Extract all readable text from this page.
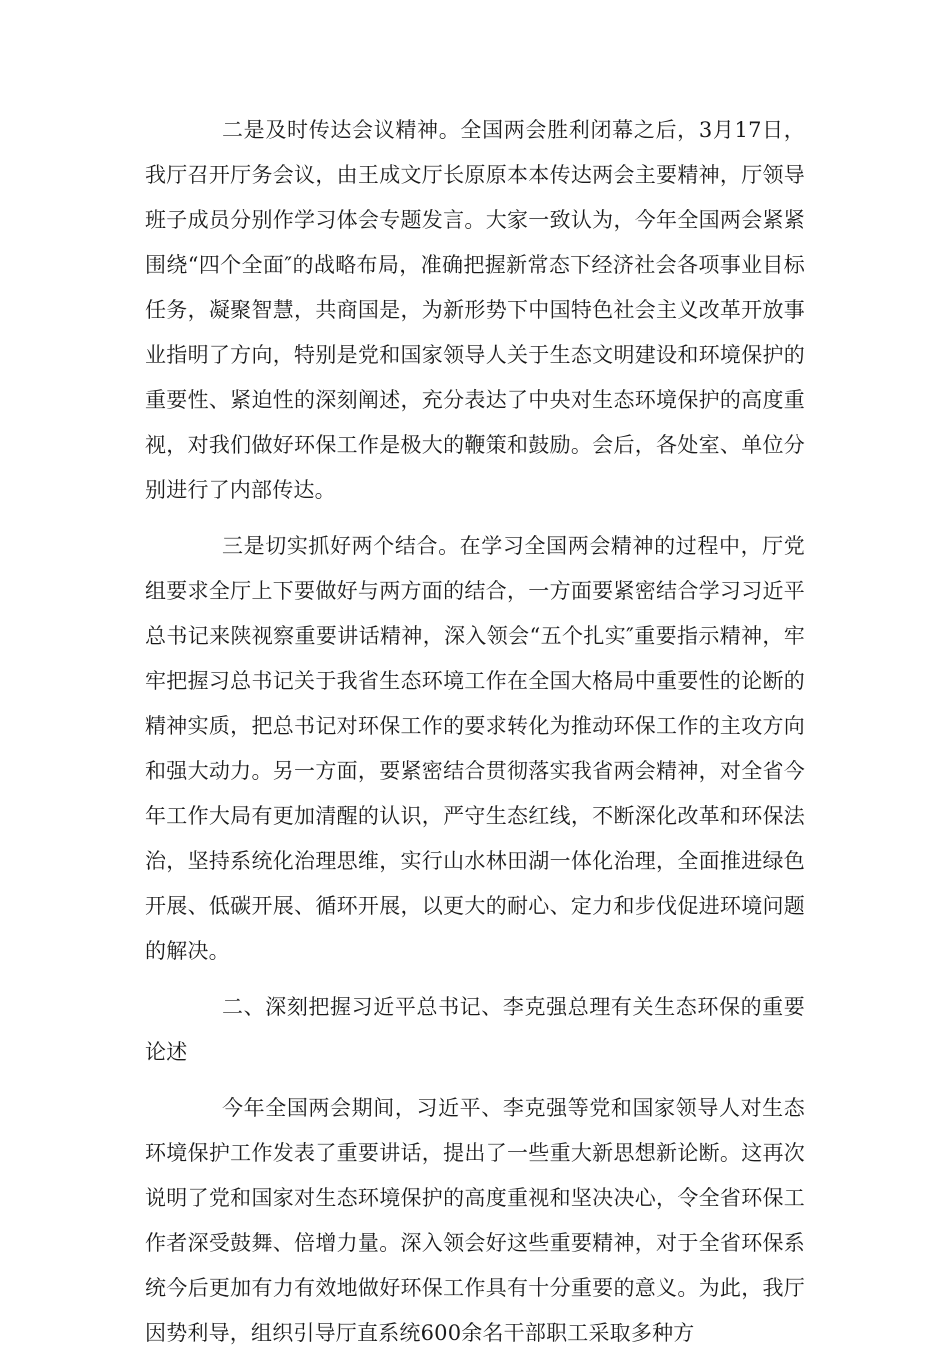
二是及时传达会议精神。全国两会胜利闭幕之后，3月17日，我厅召开厅务会议，由王成文厅长原原本本传达两会主要精神，厅领导班子成员分别作学习体会专题发言。大家一致认为，今年全国两会紧紧围绕“四个全面″的战略布局，准确把握新常态下经济社会各项事业目标任务，凝聚智慧，共商国是，为新形势下中国特色社会主义改革开放事业指明了方向，特别是党和国家领导人关于生态文明建设和环境保护的重要性、紧迫性的深刻阐述，充分表达了中央对生态环境保护的高度重视，对我们做好环保工作是极大的鞭策和鼓励。会后，各处室、单位分别进行了内部传达。

三是切实抓好两个结合。在学习全国两会精神的过程中，厅党组要求全厅上下要做好与两方面的结合，一方面要紧密结合学习习近平总书记来陕视察重要讲话精神，深入领会“五个扎实″重要指示精神，牢牢把握习总书记关于我省生态环境工作在全国大格局中重要性的论断的精神实质，把总书记对环保工作的要求转化为推动环保工作的主攻方向和强大动力。另一方面，要紧密结合贯彻落实我省两会精神，对全省今年工作大局有更加清醒的认识，严守生态红线，不断深化改革和环保法治，坚持系统化治理思维，实行山水林田湖一体化治理，全面推进绿色开展、低碳开展、循环开展，以更大的耐心、定力和步伐促进环境问题的解决。

二、深刻把握习近平总书记、李克强总理有关生态环保的重要论述

今年全国两会期间，习近平、李克强等党和国家领导人对生态环境保护工作发表了重要讲话，提出了一些重大新思想新论断。这再次说明了党和国家对生态环境保护的高度重视和坚决决心，令全省环保工作者深受鼓舞、倍增力量。深入领会好这些重要精神，对于全省环保系统今后更加有力有效地做好环保工作具有十分重要的意义。为此，我厅因势利导，组织引导厅直系统600余名干部职工采取多种方
